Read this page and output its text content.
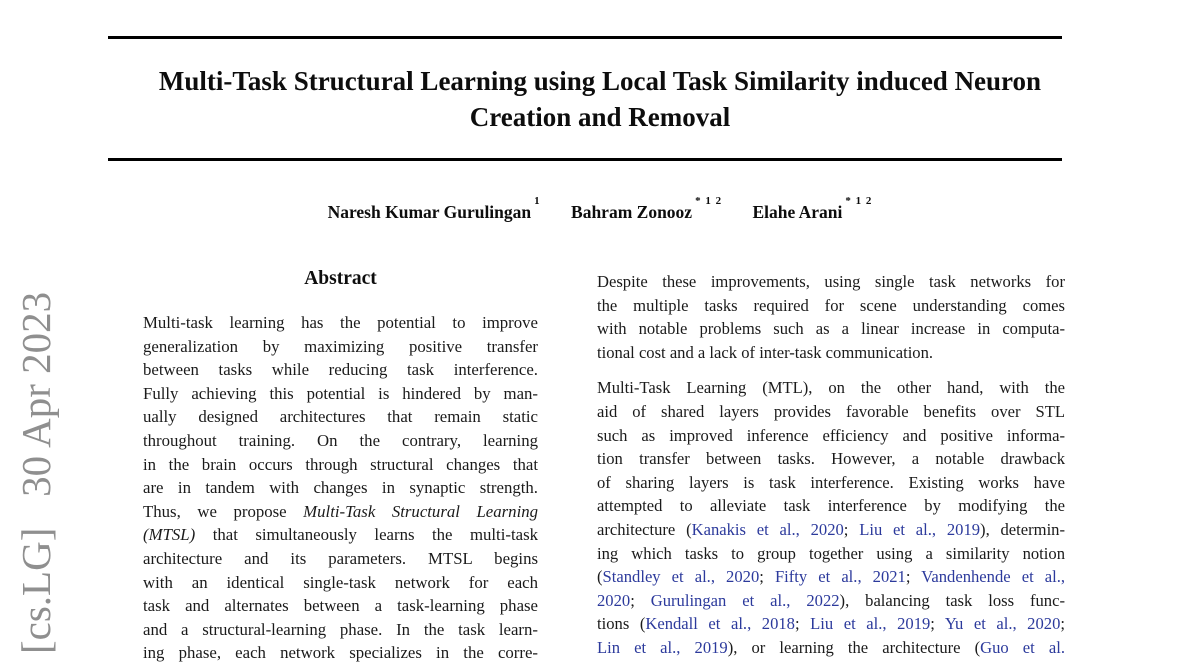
[cs.LG]   30 Apr 2023
Multi-Task Structural Learning using Local Task Similarity induced Neuron
Creation and Removal
Naresh Kumar Gurulingan$^1$ Bahram Zonooz$^{* 1 2}$ Elahe Arani$^{* 1 2}$
Abstract
Multi-task learning has the potential to improve
generalization by maximizing positive transfer
between tasks while reducing task interference.
Fully achieving this potential is hindered by man-
ually designed architectures that remain static
throughout training. On the contrary, learning
in the brain occurs through structural changes that
are in tandem with changes in synaptic strength.
Thus, we propose Multi-Task Structural Learning
(MTSL) that simultaneously learns the multi-task
architecture and its parameters. MTSL begins
with an identical single-task network for each
task and alternates between a task-learning phase
and a structural-learning phase. In the task learn-
ing phase, each network specializes in the corre-
Despite these improvements, using single task networks for
the multiple tasks required for scene understanding comes
with notable problems such as a linear increase in computa-
tional cost and a lack of inter-task communication.
Multi-Task Learning (MTL), on the other hand, with the
aid of shared layers provides favorable benefits over STL
such as improved inference efficiency and positive informa-
tion transfer between tasks. However, a notable drawback
of sharing layers is task interference. Existing works have
attempted to alleviate task interference by modifying the
architecture (Kanakis et al., 2020; Liu et al., 2019), determin-
ing which tasks to group together using a similarity notion
(Standley et al., 2020; Fifty et al., 2021; Vandenhende et al.,
2020; Gurulingan et al., 2022), balancing task loss func-
tions (Kendall et al., 2018; Liu et al., 2019; Yu et al., 2020;
Lin et al., 2019), or learning the architecture (Guo et al.
